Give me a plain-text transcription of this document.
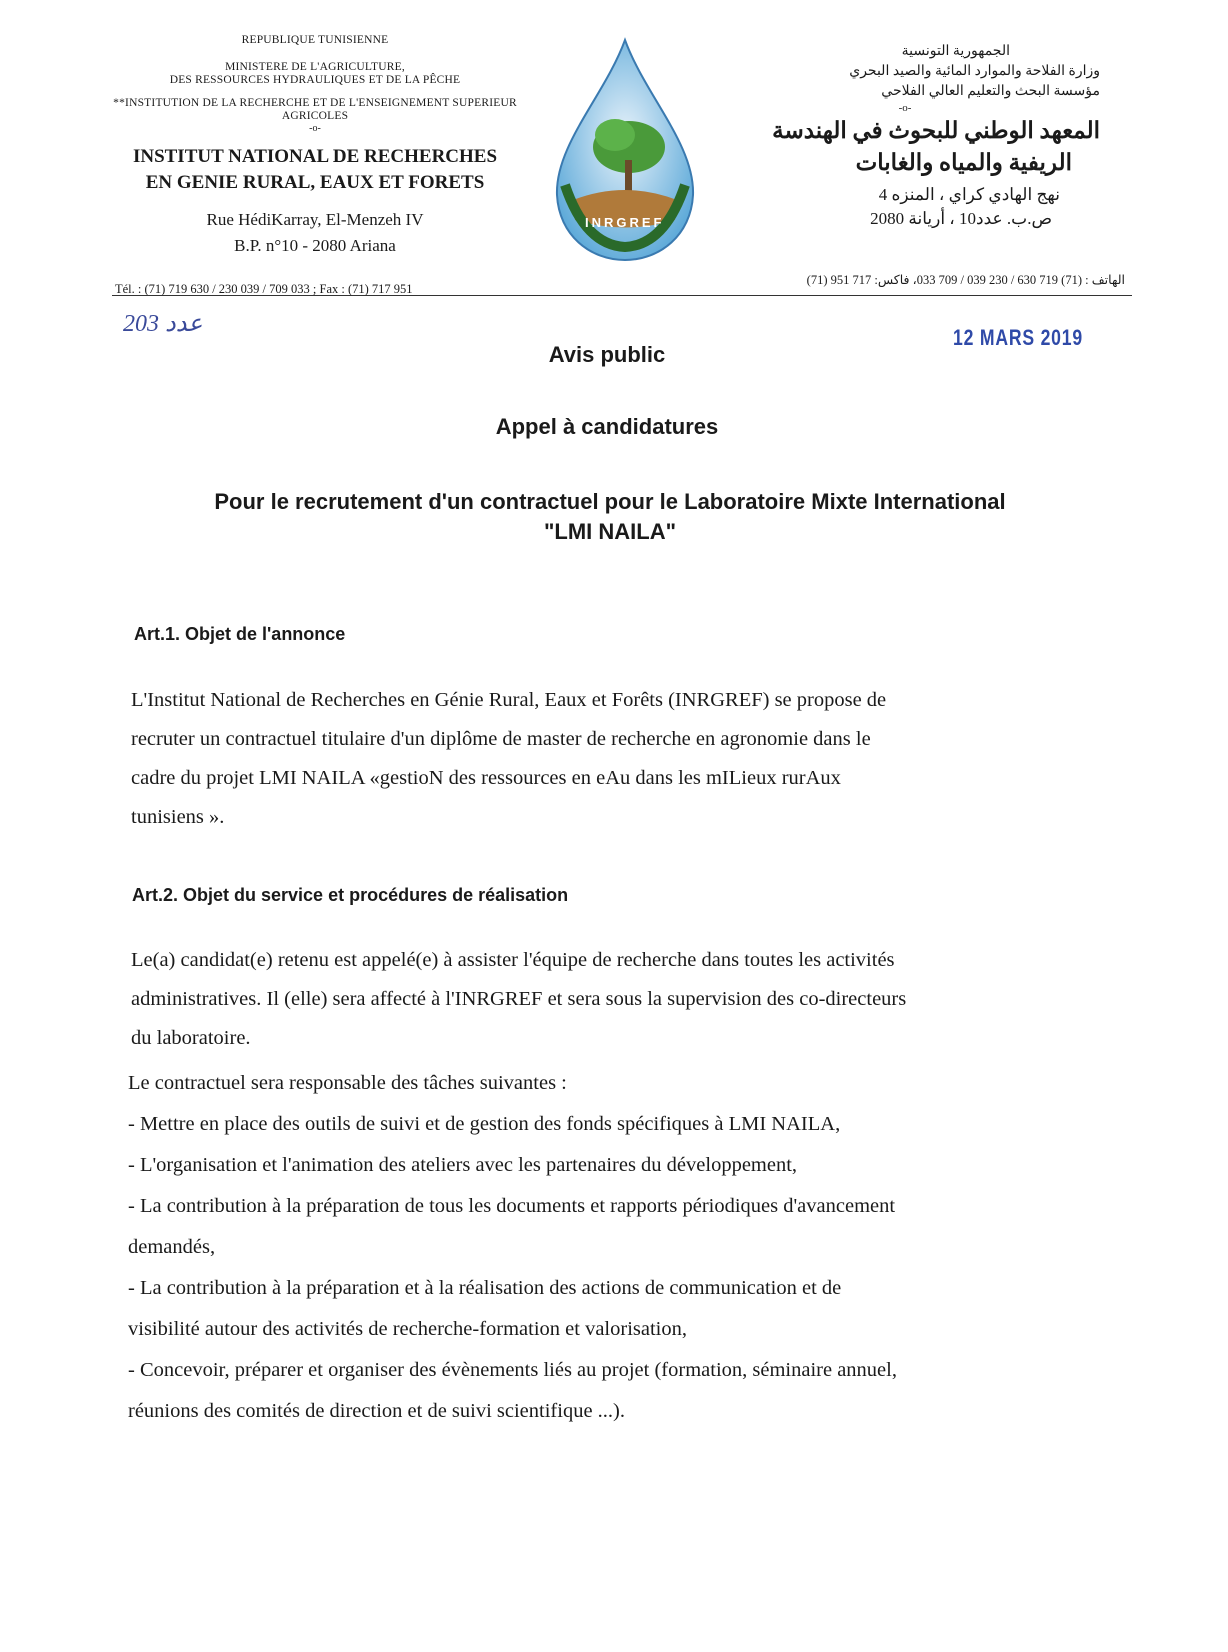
REPUBLIQUE TUNISIENNE
MINISTERE DE L'AGRICULTURE,
DES RESSOURCES HYDRAULIQUES ET DE LA PÊCHE
**INSTITUTION DE LA RECHERCHE ET DE L'ENSEIGNEMENT SUPERIEUR
AGRICOLES
-o-
INSTITUT NATIONAL DE RECHERCHES
EN GENIE RURAL, EAUX ET FORETS
Rue HédiKarray, El-Menzeh IV
B.P. n°10 - 2080 Ariana
Tél. : (71) 719 630 / 230 039 / 709 033 ; Fax : (71) 717 951
INRGREF
الجمهورية التونسية
وزارة الفلاحة والموارد المائية والصيد البحري
مؤسسة البحث والتعليم العالي الفلاحي
-o-
المعهد الوطني للبحوث في الهندسة
الريفية والمياه والغابات
نهج الهادي كراي ، المنزه 4
ص.ب. عدد10 ، أريانة 2080
الهاتف : (71) 719 630 / 230 039 / 709 033، فاكس: 717 951 (71)
203 عدد
12 MARS 2019
Avis public
Appel à candidatures
Pour le recrutement d'un contractuel pour le Laboratoire Mixte International
"LMI NAILA"
Art.1. Objet de l'annonce
L'Institut National de Recherches en Génie Rural, Eaux et Forêts (INRGREF) se propose de
recruter un contractuel titulaire d'un diplôme de master de recherche en agronomie dans le
cadre du projet LMI NAILA «gestioN des ressources en eAu dans les mILieux rurAux
tunisiens ».
Art.2. Objet du service et procédures de réalisation
Le(a) candidat(e) retenu est appelé(e) à assister l'équipe de recherche dans toutes les activités
administratives. Il (elle) sera affecté à l'INRGREF et sera sous la supervision des co-directeurs
du laboratoire.
Le contractuel sera responsable des tâches suivantes :
- Mettre en place des outils de suivi et de gestion des fonds spécifiques à LMI NAILA,
- L'organisation et l'animation des ateliers avec les partenaires du développement,
- La contribution à la préparation de tous les documents et rapports périodiques d'avancement
demandés,
- La contribution à la préparation et à la réalisation des actions de communication et de
visibilité autour des activités de recherche-formation et valorisation,
- Concevoir, préparer et organiser des évènements liés au projet (formation, séminaire annuel,
réunions des comités de direction et de suivi scientifique ...).
